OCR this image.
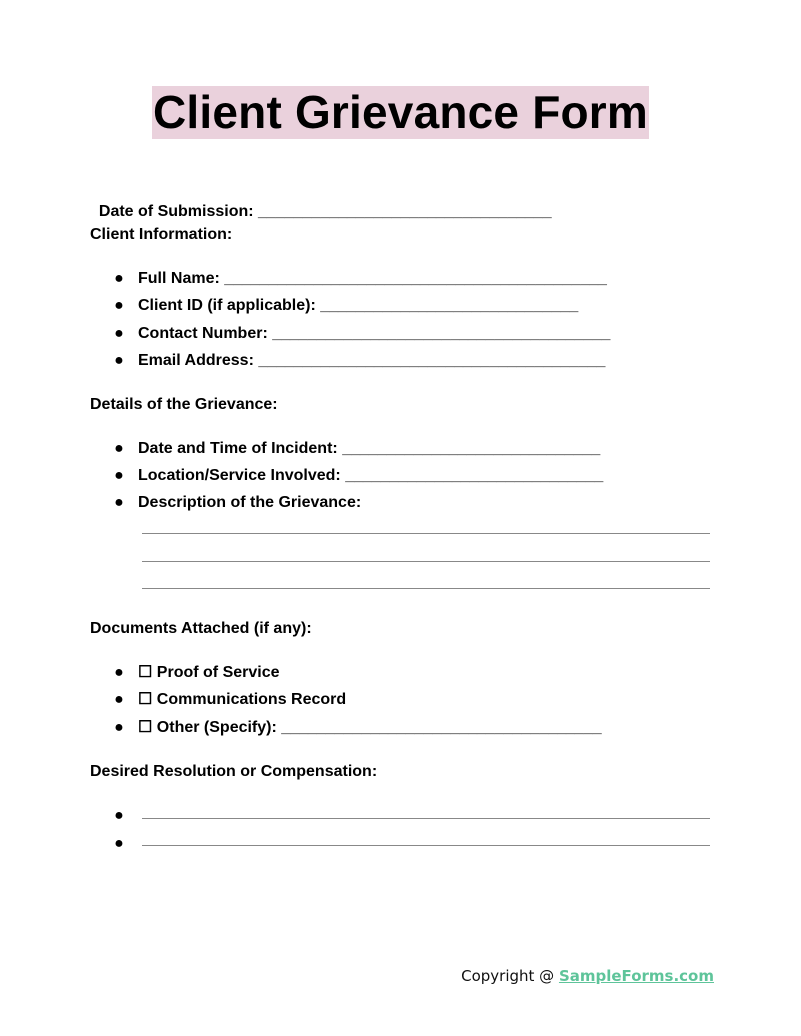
Client Grievance Form

Date of Submission: _________________________________

Client Information:
● Full Name: ___________________________________________
● Client ID (if applicable): _____________________________
● Contact Number: ______________________________________
● Email Address: _______________________________________
Details of the Grievance:
● Date and Time of Incident: _____________________________
● Location/Service Involved: _____________________________
● Description of the Grievance:
Documents Attached (if any):
● ☐ Proof of Service
● ☐ Communications Record
● ☐ Other (Specify): ____________________________________
Desired Resolution or Compensation:
●
●
Copyright @ SampleForms.com
